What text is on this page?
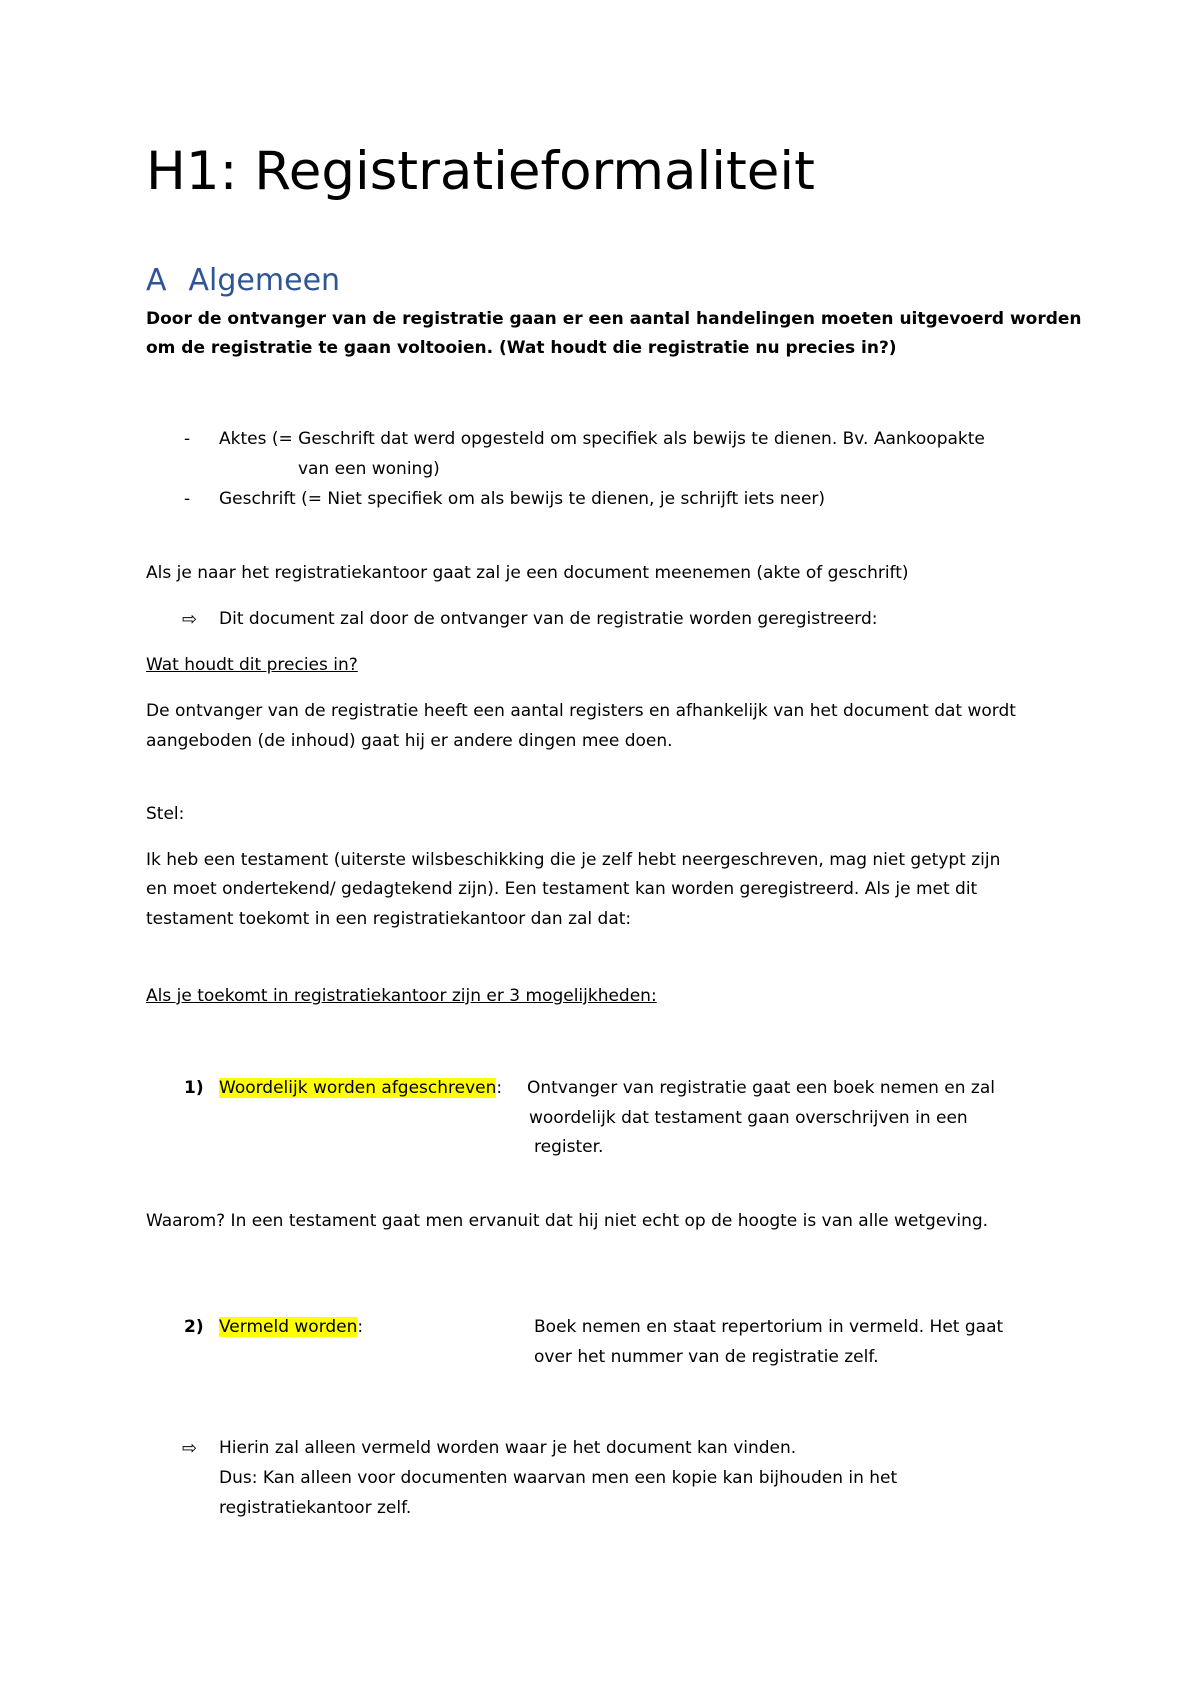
H1: Registratieformaliteit
A Algemeen
Door de ontvanger van de registratie gaan er een aantal handelingen moeten uitgevoerd worden
om de registratie te gaan voltooien. (Wat houdt die registratie nu precies in?)
- Aktes (= Geschrift dat werd opgesteld om specifiek als bewijs te dienen. Bv. Aankoopakte
van een woning)
- Geschrift (= Niet specifiek om als bewijs te dienen, je schrijft iets neer)
Als je naar het registratiekantoor gaat zal je een document meenemen (akte of geschrift)
⇨ Dit document zal door de ontvanger van de registratie worden geregistreerd:
Wat houdt dit precies in?
De ontvanger van de registratie heeft een aantal registers en afhankelijk van het document dat wordt
aangeboden (de inhoud) gaat hij er andere dingen mee doen.
Stel:
Ik heb een testament (uiterste wilsbeschikking die je zelf hebt neergeschreven, mag niet getypt zijn
en moet ondertekend/ gedagtekend zijn). Een testament kan worden geregistreerd. Als je met dit
testament toekomt in een registratiekantoor dan zal dat:
Als je toekomt in registratiekantoor zijn er 3 mogelijkheden:
1) Woordelijk worden afgeschreven: Ontvanger van registratie gaat een boek nemen en zal
woordelijk dat testament gaan overschrijven in een
register.
Waarom? In een testament gaat men ervanuit dat hij niet echt op de hoogte is van alle wetgeving.
2) Vermeld worden:	Boek nemen en staat repertorium in vermeld. Het gaat
over het nummer van de registratie zelf.
⇨ Hierin zal alleen vermeld worden waar je het document kan vinden.
Dus: Kan alleen voor documenten waarvan men een kopie kan bijhouden in het
registratiekantoor zelf.
